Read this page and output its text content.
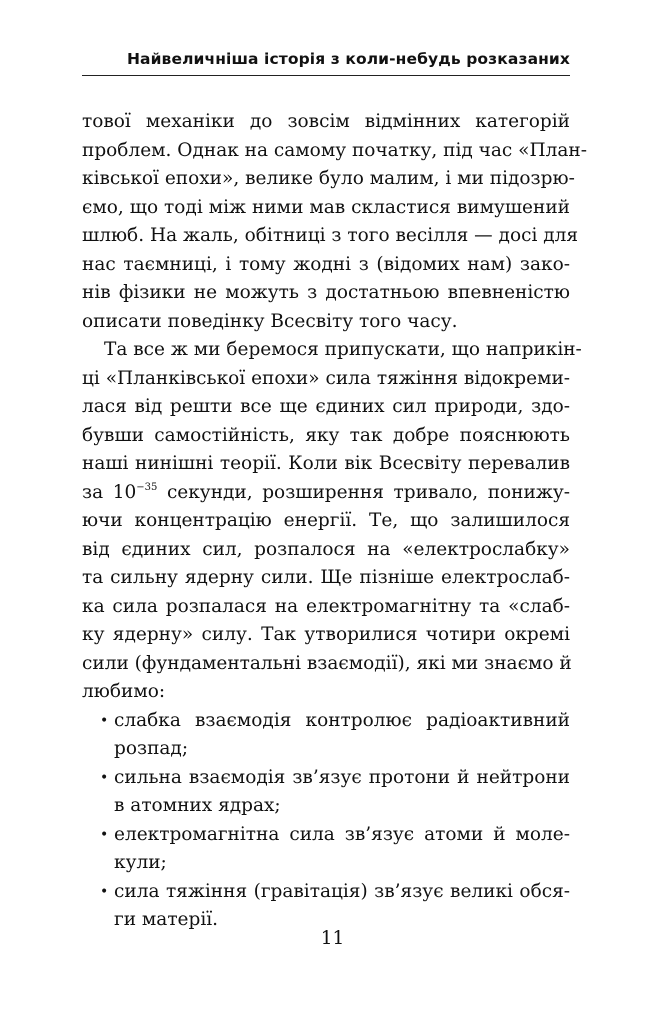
Найвеличніша історія з коли-небудь розказаних
тової механіки до зовсім відмінних категорій
проблем. Однак на самому початку, під час «План-
ківської епохи», велике було малим, і ми підозрю-
ємо, що тоді між ними мав скластися вимушений
шлюб. На жаль, обітниці з того весілля — досі для
нас таємниці, і тому жодні з (відомих нам) зако-
нів фізики не можуть з достатньою впевненістю
описати поведінку Всесвіту того часу.
Та все ж ми беремося припускати, що наприкін-
ці «Планківської епохи» сила тяжіння відокреми-
лася від решти все ще єдиних сил природи, здо-
бувши самостійність, яку так добре пояснюють
наші нинішні теорії. Коли вік Всесвіту перевалив
за $10^{-35}$ секунди, розширення тривало, понижу-
ючи концентрацію енергії. Те, що залишилося
від єдиних сил, розпалося на «електрослабку»
та сильну ядерну сили. Ще пізніше електрослаб-
ка сила розпалася на електромагнітну та «слаб-
ку ядерну» силу. Так утворилися чотири окремі
сили (фундаментальні взаємодії), які ми знаємо й
любимо:
• слабка взаємодія контролює радіоактивний
розпад;
• сильна взаємодія зв’язує протони й нейтрони
в атомних ядрах;
• електромагнітна сила зв’язує атоми й моле-
кули;
• сила тяжіння (гравітація) зв’язує великі обся-
ги матерії.
11
